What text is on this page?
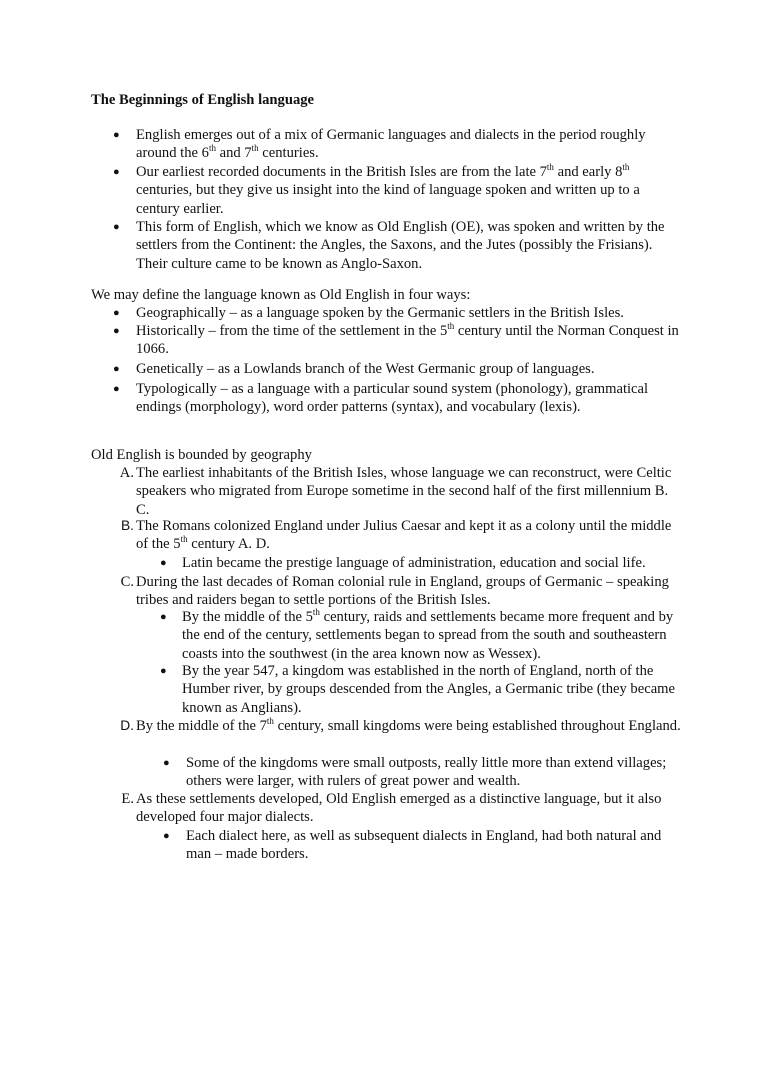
The Beginnings of English language
● English emerges out of a mix of Germanic languages and dialects in the period roughly around the 6th and 7th centuries.

● Our earliest recorded documents in the British Isles are from the late 7th and early 8th centuries, but they give us insight into the kind of language spoken and written up to a century earlier.

● This form of English, which we know as Old English (OE), was spoken and written by the settlers from the Continent: the Angles, the Saxons, and the Jutes (possibly the Frisians). Their culture came to be known as Anglo-Saxon.

We may define the language known as Old English in four ways:

● Geographically – as a language spoken by the Germanic settlers in the British Isles.

● Historically – from the time of the settlement in the 5th century until the Norman Conquest in 1066.

● Genetically – as a Lowlands branch of the West Germanic group of languages.

● Typologically – as a language with a particular sound system (phonology), grammatical endings (morphology), word order patterns (syntax), and vocabulary (lexis).

Old English is bounded by geography

A. The earliest inhabitants of the British Isles, whose language we can reconstruct, were Celtic speakers who migrated from Europe sometime in the second half of the first millennium B. C.

B. The Romans colonized England under Julius Caesar and kept it as a colony until the middle of the 5th century A. D.

● Latin became the prestige language of administration, education and social life.

C. During the last decades of Roman colonial rule in England, groups of Germanic – speaking tribes and raiders began to settle portions of the British Isles.

● By the middle of the 5th century, raids and settlements became more frequent and by the end of the century, settlements began to spread from the south and southeastern coasts into the southwest (in the area known now as Wessex).

● By the year 547, a kingdom was established in the north of England, north of the Humber river, by groups descended from the Angles, a Germanic tribe (they became known as Anglians).

D. By the middle of the 7th century, small kingdoms were being established throughout England.

● Some of the kingdoms were small outposts, really little more than extend villages; others were larger, with rulers of great power and wealth.

E. As these settlements developed, Old English emerged as a distinctive language, but it also developed four major dialects.

● Each dialect here, as well as subsequent dialects in England, had both natural and man – made borders.
